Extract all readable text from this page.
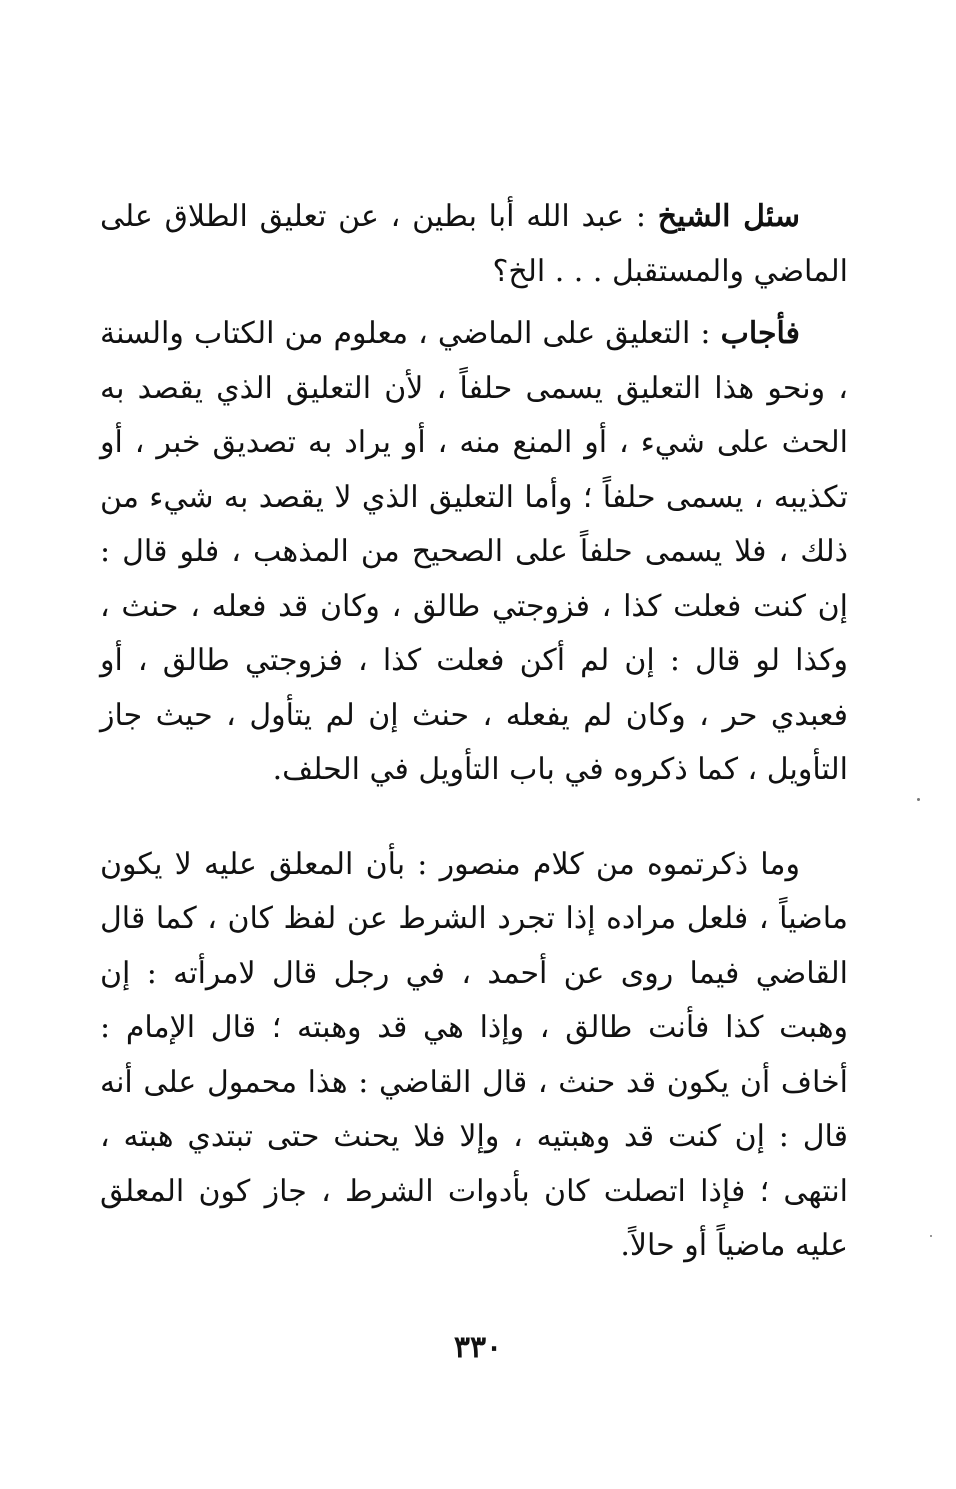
سئل الشيخ : عبد الله أبا بطين ، عن تعليق الطلاق على الماضي والمستقبل . . . الخ؟

فأجاب : التعليق على الماضي ، معلوم من الكتاب والسنة ، ونحو هذا التعليق يسمى حلفاً ، لأن التعليق الذي يقصد به الحث على شيء ، أو المنع منه ، أو يراد به تصديق خبر ، أو تكذيبه ، يسمى حلفاً ؛ وأما التعليق الذي لا يقصد به شيء من ذلك ، فلا يسمى حلفاً على الصحيح من المذهب ، فلو قال : إن كنت فعلت كذا ، فزوجتي طالق ، وكان قد فعله ، حنث ، وكذا لو قال : إن لم أكن فعلت كذا ، فزوجتي طالق ، أو فعبدي حر ، وكان لم يفعله ، حنث إن لم يتأول ، حيث جاز التأويل ، كما ذكروه في باب التأويل في الحلف.

وما ذكرتموه من كلام منصور : بأن المعلق عليه لا يكون ماضياً ، فلعل مراده إذا تجرد الشرط عن لفظ كان ، كما قال القاضي فيما روى عن أحمد ، في رجل قال لامرأته : إن وهبت كذا فأنت طالق ، وإذا هي قد وهبته ؛ قال الإمام : أخاف أن يكون قد حنث ، قال القاضي : هذا محمول على أنه قال : إن كنت قد وهبتيه ، وإلا فلا يحنث حتى تبتدي هبته ، انتهى ؛ فإذا اتصلت كان بأدوات الشرط ، جاز كون المعلق عليه ماضياً أو حالاً.

٣٣٠
